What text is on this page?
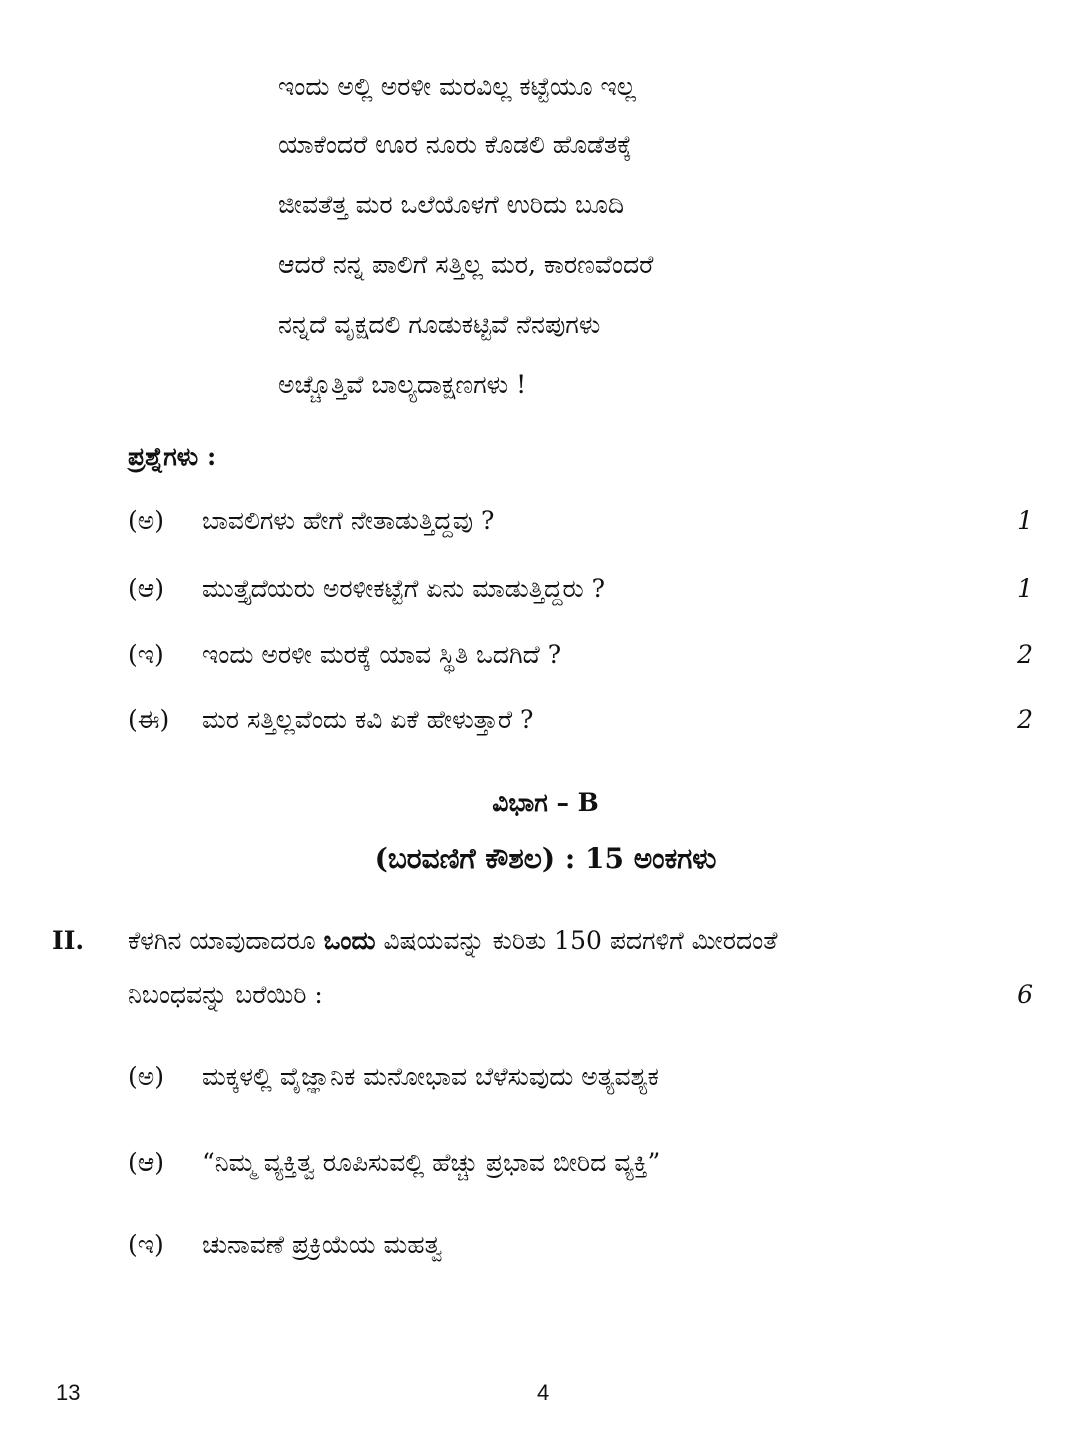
ಇಂದು ಅಲ್ಲಿ ಅರಳೀ ಮರವಿಲ್ಲ ಕಟ್ಟೆಯೂ ಇಲ್ಲ
ಯಾಕೆಂದರೆ ಊರ ನೂರು ಕೊಡಲಿ ಹೊಡೆತಕ್ಕೆ
ಜೀವತೆತ್ತ ಮರ ಒಲೆಯೊಳಗೆ ಉರಿದು ಬೂದಿ
ಆದರೆ ನನ್ನ ಪಾಲಿಗೆ ಸತ್ತಿಲ್ಲ ಮರ, ಕಾರಣವೆಂದರೆ
ನನ್ನದೆ ವೃಕ್ಷದಲಿ ಗೂಡುಕಟ್ಟಿವೆ ನೆನಪುಗಳು
ಅಚ್ಚೊತ್ತಿವೆ ಬಾಲ್ಯದಾಕ್ಷಣಗಳು !
ಪ್ರಶ್ನೆಗಳು :
(ಅ) ಬಾವಲಿಗಳು ಹೇಗೆ ನೇತಾಡುತ್ತಿದ್ದವು ?	1
(ಆ) ಮುತ್ತೈದೆಯರು ಅರಳೀಕಟ್ಟೆಗೆ ಏನು ಮಾಡುತ್ತಿದ್ದರು ?	1
(ಇ) ಇಂದು ಅರಳೀ ಮರಕ್ಕೆ ಯಾವ ಸ್ಥಿತಿ ಒದಗಿದೆ ?	2
(ಈ) ಮರ ಸತ್ತಿಲ್ಲವೆಂದು ಕವಿ ಏಕೆ ಹೇಳುತ್ತಾರೆ ?	2
ವಿಭಾಗ – B
(ಬರವಣಿಗೆ ಕೌಶಲ) : 15 ಅಂಕಗಳು
II. ಕೆಳಗಿನ ಯಾವುದಾದರೂ ಒಂದು ವಿಷಯವನ್ನು ಕುರಿತು 150 ಪದಗಳಿಗೆ ಮೀರದಂತೆ
ನಿಬಂಧವನ್ನು ಬರೆಯಿರಿ :	6
(ಅ) ಮಕ್ಕಳಲ್ಲಿ ವೈಜ್ಞಾನಿಕ ಮನೋಭಾವ ಬೆಳೆಸುವುದು ಅತ್ಯವಶ್ಯಕ
(ಆ) “ನಿಮ್ಮ ವ್ಯಕ್ತಿತ್ವ ರೂಪಿಸುವಲ್ಲಿ ಹೆಚ್ಚು ಪ್ರಭಾವ ಬೀರಿದ ವ್ಯಕ್ತಿ”
(ಇ) ಚುನಾವಣೆ ಪ್ರಕ್ರಿಯೆಯ ಮಹತ್ವ
13	4
